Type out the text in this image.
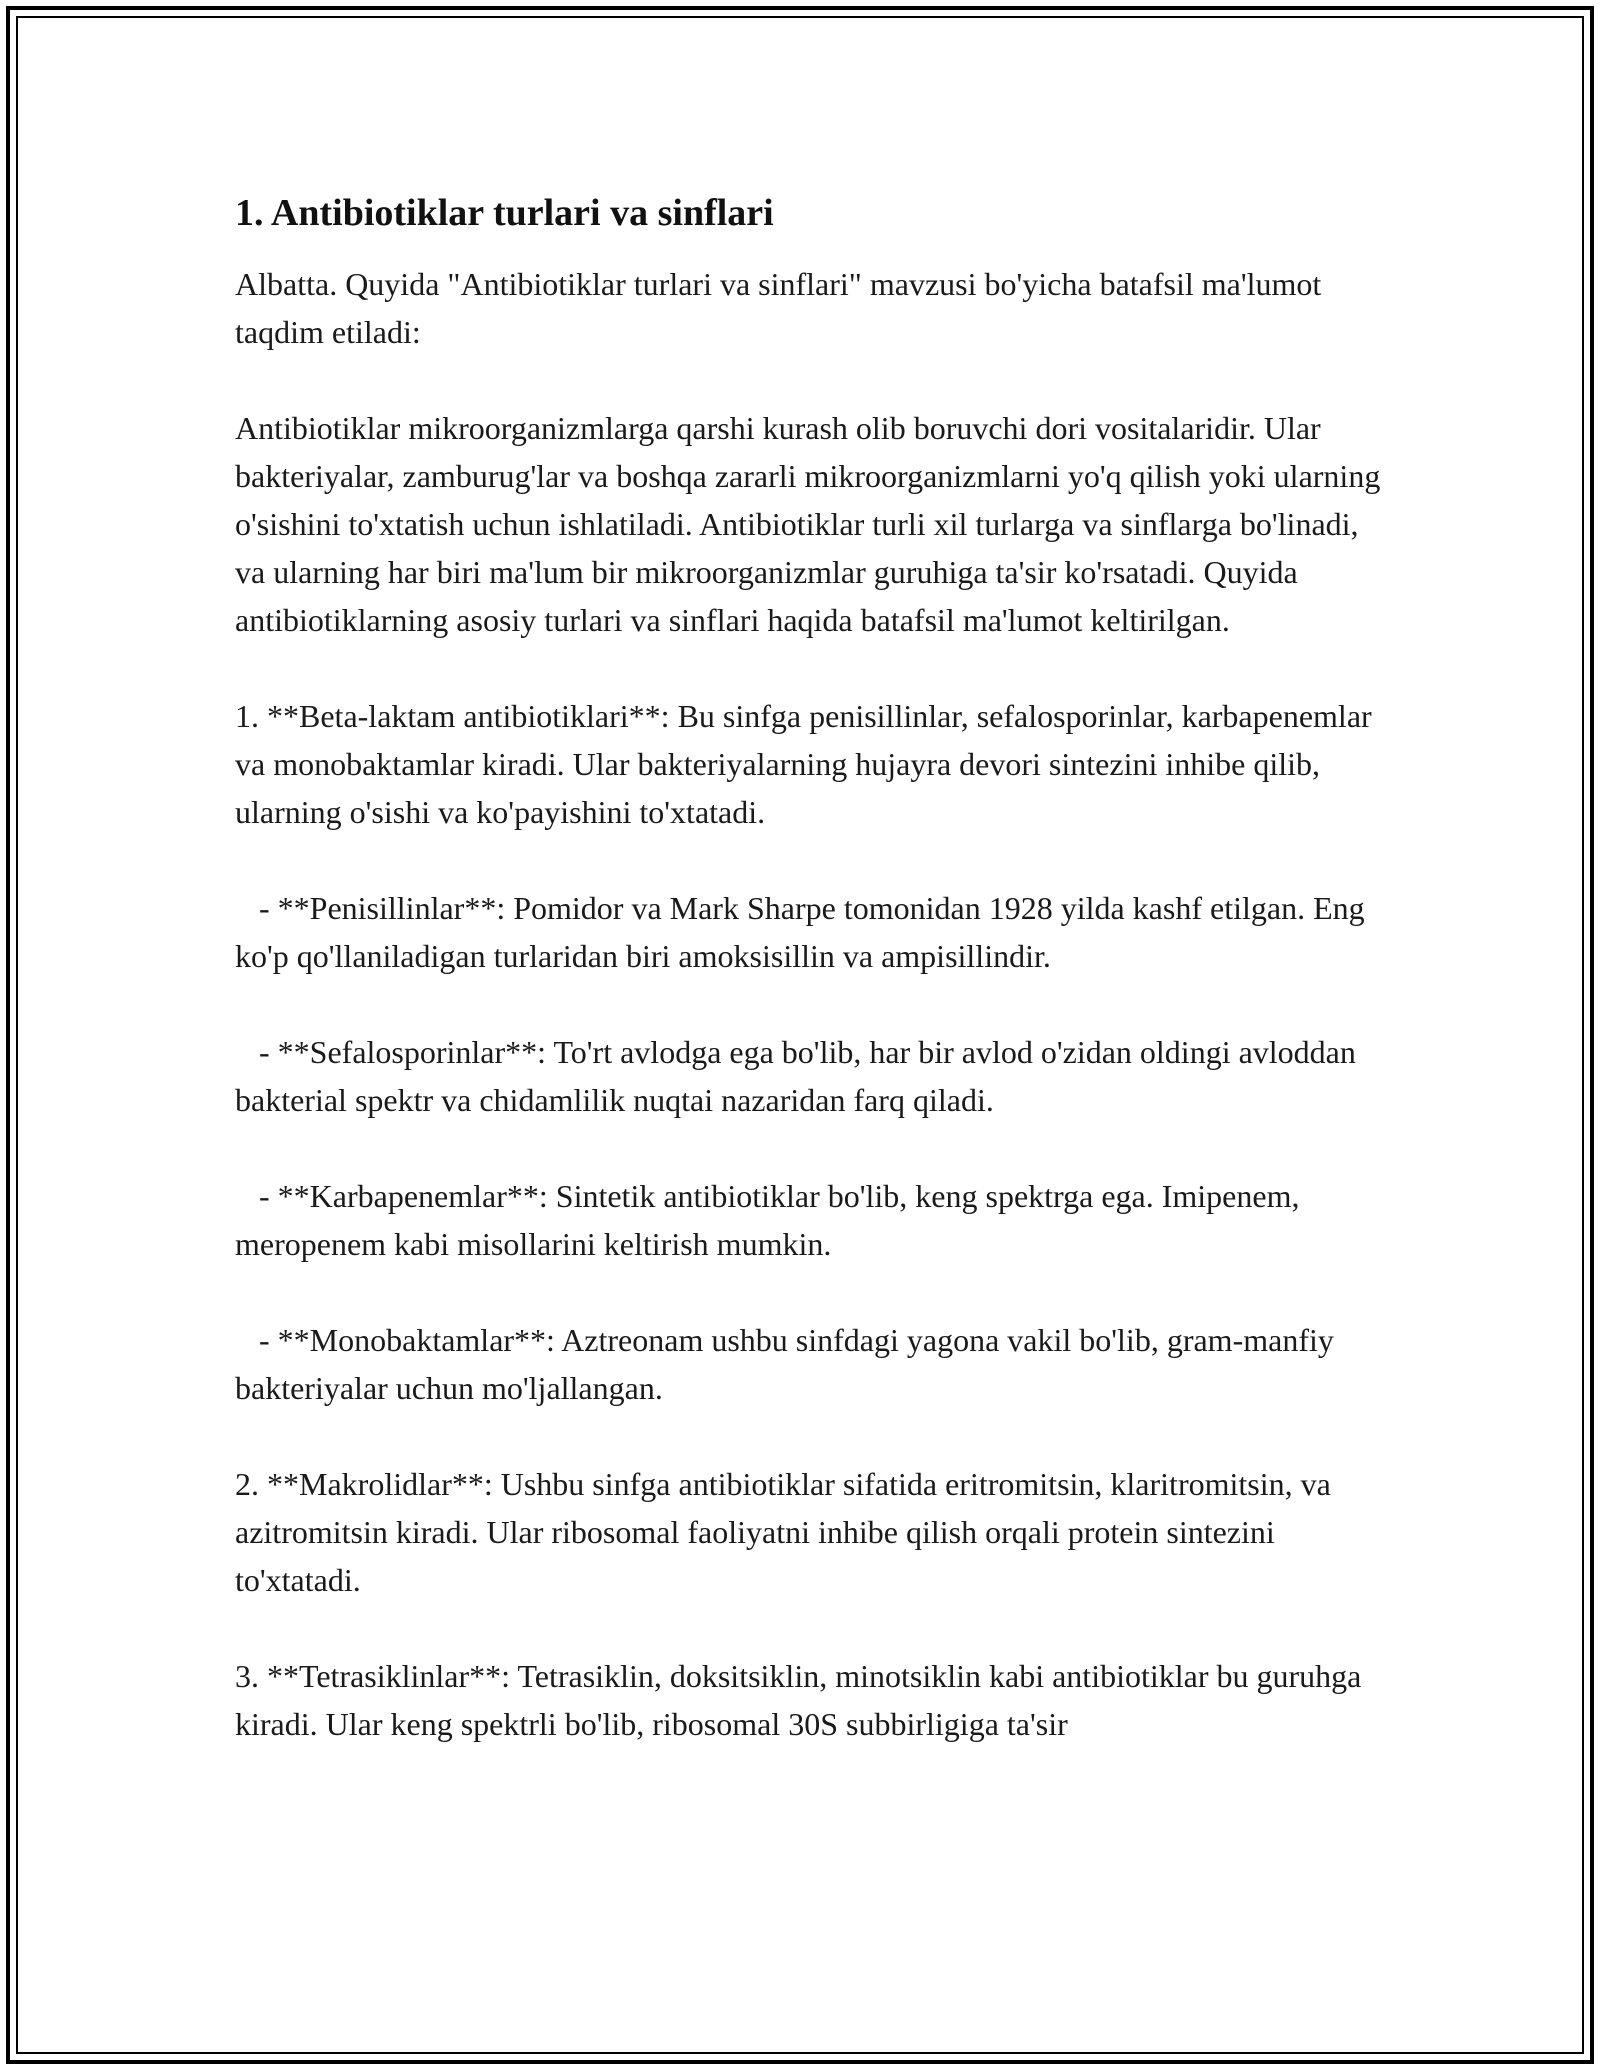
1. Antibiotiklar turlari va sinflari

Albatta. Quyida "Antibiotiklar turlari va sinflari" mavzusi bo'yicha batafsil ma'lumot taqdim etiladi:

Antibiotiklar mikroorganizmlarga qarshi kurash olib boruvchi dori vositalaridir. Ular bakteriyalar, zamburug'lar va boshqa zararli mikroorganizmlarni yo'q qilish yoki ularning o'sishini to'xtatish uchun ishlatiladi. Antibiotiklar turli xil turlarga va sinflarga bo'linadi, va ularning har biri ma'lum bir mikroorganizmlar guruhiga ta'sir ko'rsatadi. Quyida antibiotiklarning asosiy turlari va sinflari haqida batafsil ma'lumot keltirilgan.

1. **Beta-laktam antibiotiklari**: Bu sinfga penisillinlar, sefalosporinlar, karbapenemlar va monobaktamlar kiradi. Ular bakteriyalarning hujayra devori sintezini inhibe qilib, ularning o'sishi va ko'payishini to'xtatadi.

- **Penisillinlar**: Pomidor va Mark Sharpe tomonidan 1928 yilda kashf etilgan. Eng ko'p qo'llaniladigan turlaridan biri amoksisillin va ampisillindir.

- **Sefalosporinlar**: To'rt avlodga ega bo'lib, har bir avlod o'zidan oldingi avloddan bakterial spektr va chidamlilik nuqtai nazaridan farq qiladi.

- **Karbapenemlar**: Sintetik antibiotiklar bo'lib, keng spektrga ega. Imipenem, meropenem kabi misollarini keltirish mumkin.

- **Monobaktamlar**: Aztreonam ushbu sinfdagi yagona vakil bo'lib, gram-manfiy bakteriyalar uchun mo'ljallangan.

2. **Makrolidlar**: Ushbu sinfga antibiotiklar sifatida eritromitsin, klaritromitsin, va azitromitsin kiradi. Ular ribosomal faoliyatni inhibe qilish orqali protein sintezini to'xtatadi.

3. **Tetrasiklinlar**: Tetrasiklin, doksitsiklin, minotsiklin kabi antibiotiklar bu guruhga kiradi. Ular keng spektrli bo'lib, ribosomal 30S subbirligiga ta'sir
